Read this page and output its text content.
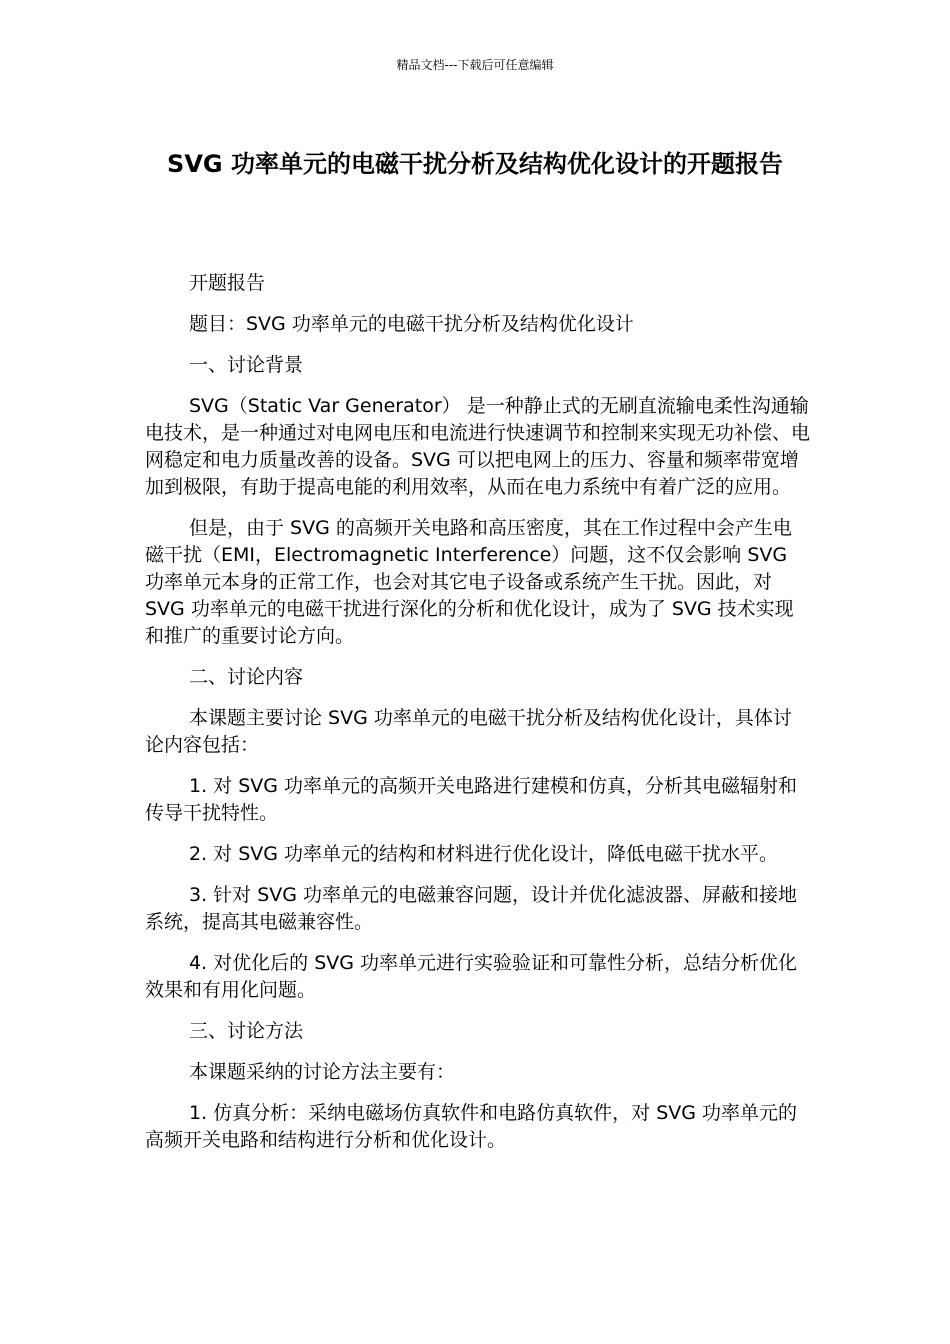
精品文档---下载后可任意编辑
SVG 功率单元的电磁干扰分析及结构优化设计的开题报告

开题报告

题目：SVG 功率单元的电磁干扰分析及结构优化设计

一、讨论背景

SVG（Static Var Generator） 是一种静止式的无刷直流输电柔性沟通输电技术，是一种通过对电网电压和电流进行快速调节和控制来实现无功补偿、电网稳定和电力质量改善的设备。SVG 可以把电网上的压力、容量和频率带宽增加到极限，有助于提高电能的利用效率，从而在电力系统中有着广泛的应用。

但是，由于 SVG 的高频开关电路和高压密度，其在工作过程中会产生电磁干扰（EMI，Electromagnetic Interference）问题，这不仅会影响 SVG 功率单元本身的正常工作，也会对其它电子设备或系统产生干扰。因此，对 SVG 功率单元的电磁干扰进行深化的分析和优化设计，成为了 SVG 技术实现和推广的重要讨论方向。

二、讨论内容

本课题主要讨论 SVG 功率单元的电磁干扰分析及结构优化设计，具体讨论内容包括：

1. 对 SVG 功率单元的高频开关电路进行建模和仿真，分析其电磁辐射和传导干扰特性。

2. 对 SVG 功率单元的结构和材料进行优化设计，降低电磁干扰水平。

3. 针对 SVG 功率单元的电磁兼容问题，设计并优化滤波器、屏蔽和接地系统，提高其电磁兼容性。

4. 对优化后的 SVG 功率单元进行实验验证和可靠性分析，总结分析优化效果和有用化问题。

三、讨论方法

本课题采纳的讨论方法主要有：

1. 仿真分析：采纳电磁场仿真软件和电路仿真软件，对 SVG 功率单元的高频开关电路和结构进行分析和优化设计。
